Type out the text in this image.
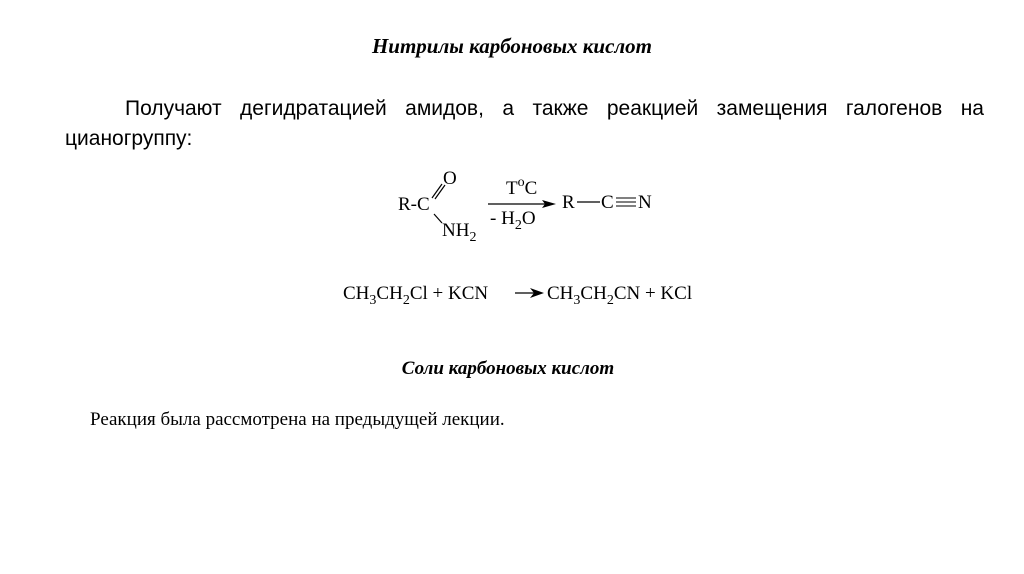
Нитрилы карбоновых кислот
Получают дегидратацией амидов, а также реакцией замещения галогенов на
цианогруппу:
R-C
O
$NH_2$
$T^oC$
- $H_2O$
R C N
$CH_3CH_2Cl$ + KCN	$CH_3CH_2CN$ + KCl
Соли карбоновых кислот
Реакция была рассмотрена на предыдущей лекции.
